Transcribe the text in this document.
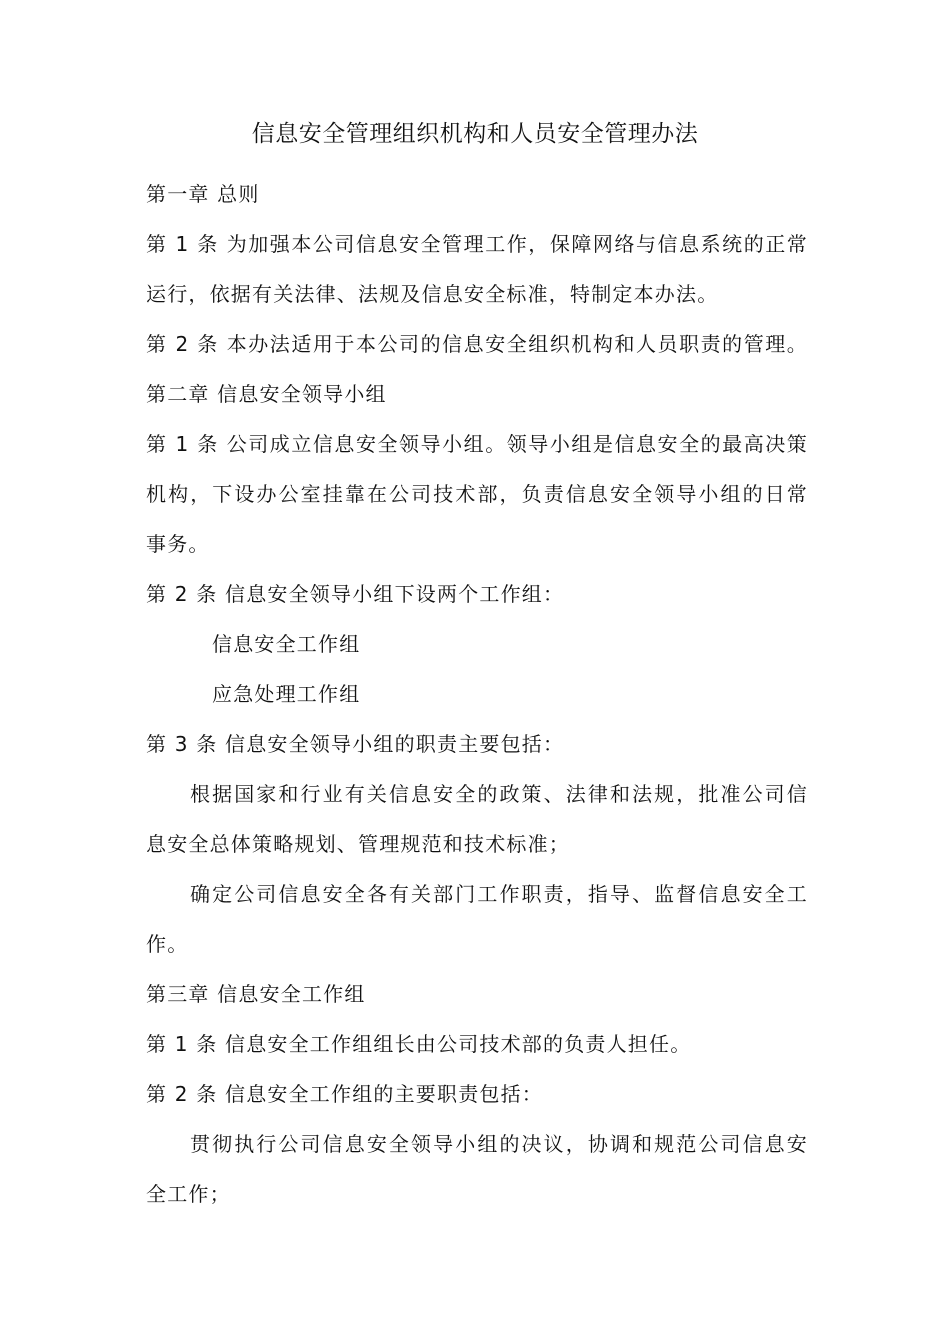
信息安全管理组织机构和人员安全管理办法
第一章 总则
第 1 条 为加强本公司信息安全管理工作，保障网络与信息系统的正常
运行，依据有关法律、法规及信息安全标准，特制定本办法。
第 2 条 本办法适用于本公司的信息安全组织机构和人员职责的管理。
第二章 信息安全领导小组
第 1 条 公司成立信息安全领导小组。领导小组是信息安全的最高决策
机构，下设办公室挂靠在公司技术部，负责信息安全领导小组的日常
事务。
第 2 条 信息安全领导小组下设两个工作组：
信息安全工作组
应急处理工作组
第 3 条 信息安全领导小组的职责主要包括：
根据国家和行业有关信息安全的政策、法律和法规，批准公司信
息安全总体策略规划、管理规范和技术标准；
确定公司信息安全各有关部门工作职责，指导、监督信息安全工
作。
第三章 信息安全工作组
第 1 条 信息安全工作组组长由公司技术部的负责人担任。
第 2 条 信息安全工作组的主要职责包括：
贯彻执行公司信息安全领导小组的决议，协调和规范公司信息安
全工作；
